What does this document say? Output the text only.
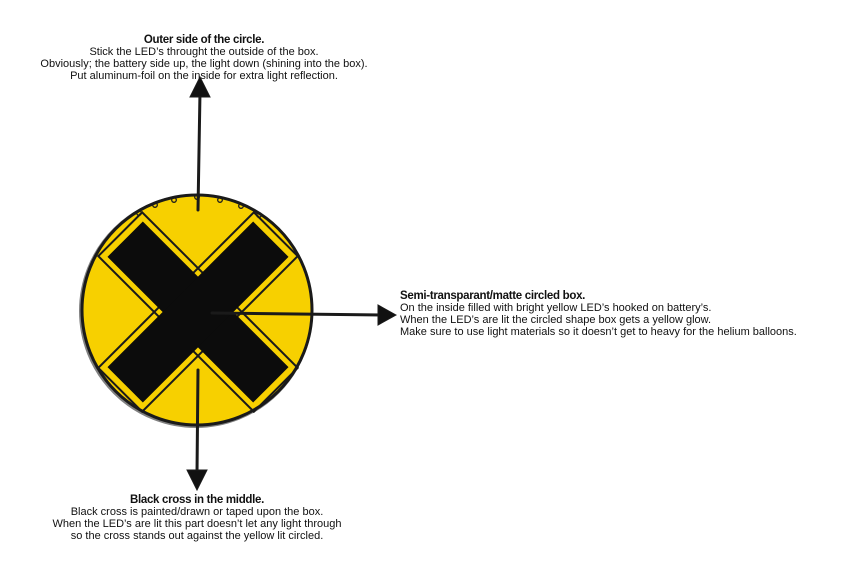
Outer side of the circle.
Stick the LED’s throught the outside of the box.
Obviously; the battery side up, the light down (shining into the box).
Put aluminum-foil on the inside for extra light reflection.
Semi-transparant/matte circled box.
On the inside filled with bright yellow LED’s hooked on battery’s.
When the LED’s are lit the circled shape box gets a yellow glow.
Make sure to use light materials so it doesn’t get to heavy for the helium balloons.
Black cross in the middle.
Black cross is painted/drawn or taped upon the box.
When the LED’s are lit this part doesn’t let any light through
so the cross stands out against the yellow lit circled.
